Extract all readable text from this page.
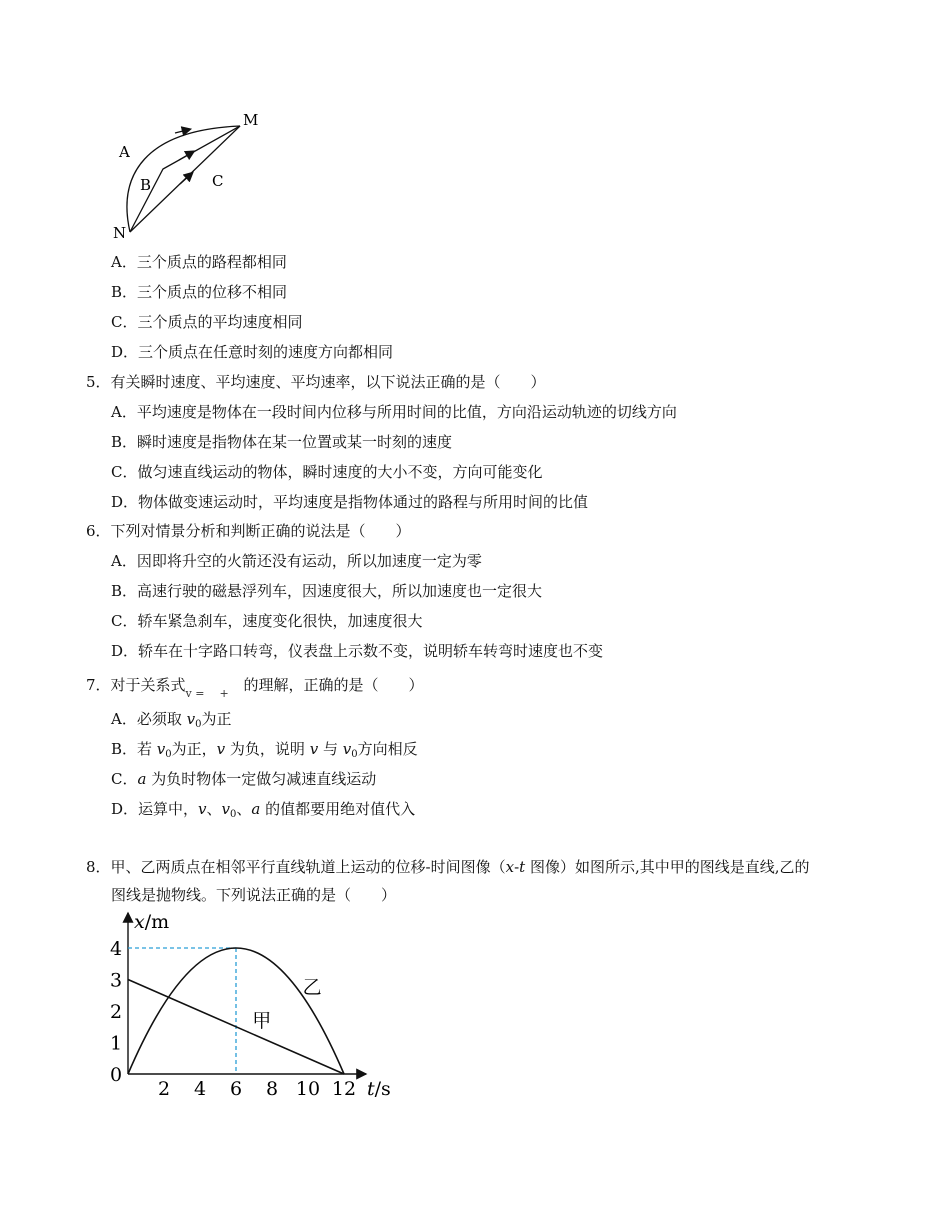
A
B	C
M
N
A．三个质点的路程都相同
B．三个质点的位移不相同
C．三个质点的平均速度相同
D．三个质点在任意时刻的速度方向都相同
5．有关瞬时速度、平均速度、平均速率，以下说法正确的是（　　）
A．平均速度是物体在一段时间内位移与所用时间的比值，方向沿运动轨迹的切线方向
B．瞬时速度是指物体在某一位置或某一时刻的速度
C．做匀速直线运动的物体，瞬时速度的大小不变，方向可能变化
D．物体做变速运动时，平均速度是指物体通过的路程与所用时间的比值
6．下列对情景分析和判断正确的说法是（　　）
A．因即将升空的火箭还没有运动，所以加速度一定为零
B．高速行驶的磁悬浮列车，因速度很大，所以加速度也一定很大
C．轿车紧急刹车，速度变化很快，加速度很大
D．轿车在十字路口转弯，仪表盘上示数不变，说明轿车转弯时速度也不变
7．对于关系式 v = + 的理解，正确的是（　　）
A．必须取 $v_0$为正
B．若 $v_0$为正，v 为负，说明 v 与 $v_0$方向相反
C．a 为负时物体一定做匀减速直线运动
D．运算中，v、$v_0$、a 的值都要用绝对值代入
8．甲、乙两质点在相邻平行直线轨道上运动的位移-时间图像（x-t 图像）如图所示,其中甲的图线是直线,乙的
图线是抛物线。下列说法正确的是（　　）
x/m
t/s
0
1
2
3
4
2 4 6 8 10 12
甲
乙
